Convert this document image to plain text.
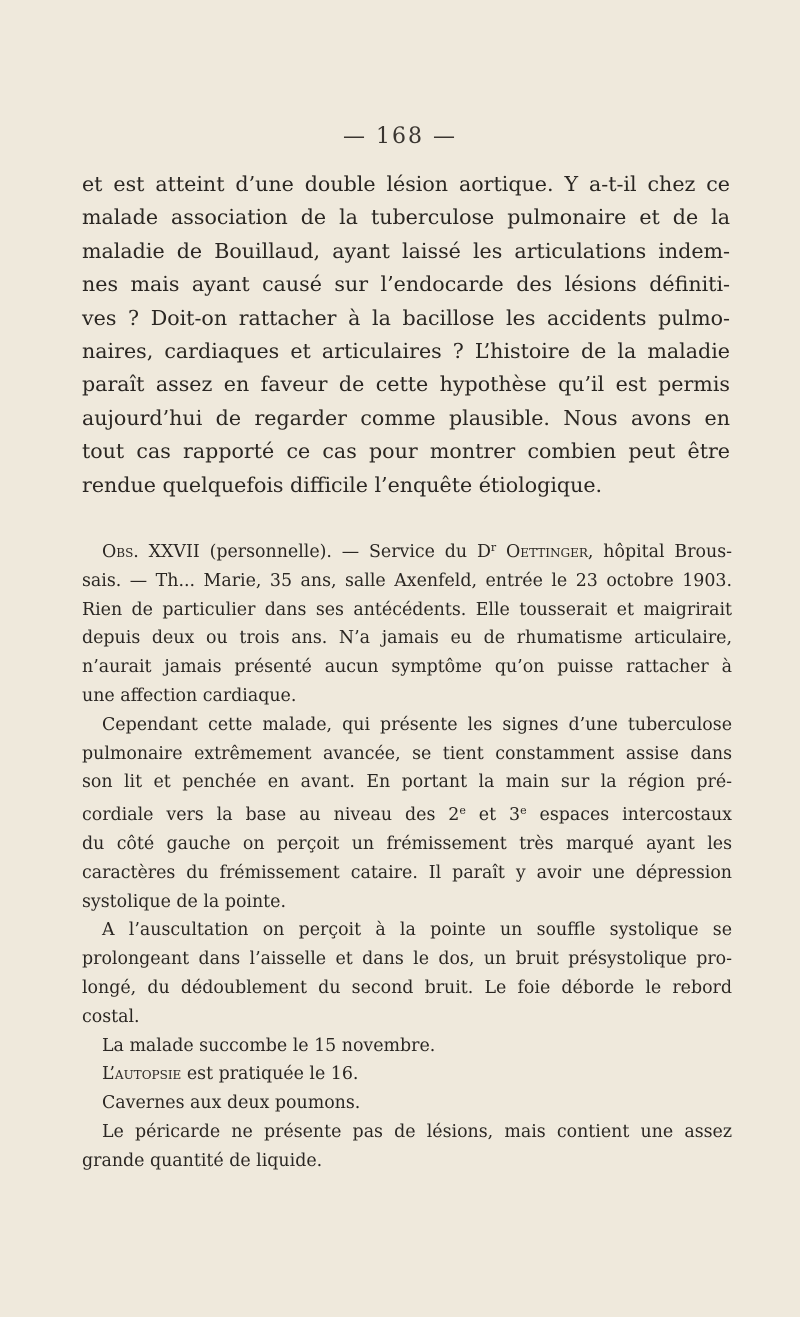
— 168 —
et est atteint d’une double lésion aortique. Y a-t-il chez ce
malade association de la tuberculose pulmonaire et de la
maladie de Bouillaud, ayant laissé les articulations indem-
nes mais ayant causé sur l’endocarde des lésions définiti-
ves ? Doit-on rattacher à la bacillose les accidents pulmo-
naires, cardiaques et articulaires ? L’histoire de la maladie
paraît assez en faveur de cette hypothèse qu’il est permis
aujourd’hui de regarder comme plausible. Nous avons en
tout cas rapporté ce cas pour montrer combien peut être
rendue quelquefois difficile l’enquête étiologique.
Obs. XXVII (personnelle). — Service du $D^r$ Oettinger, hôpital Brous-
sais. — Th... Marie, 35 ans, salle Axenfeld, entrée le 23 octobre 1903.
Rien de particulier dans ses antécédents. Elle tousserait et maigrirait
depuis deux ou trois ans. N’a jamais eu de rhumatisme articulaire,
n’aurait jamais présenté aucun symptôme qu’on puisse rattacher à
une affection cardiaque.
Cependant cette malade, qui présente les signes d’une tuberculose
pulmonaire extrêmement avancée, se tient constamment assise dans
son lit et penchée en avant. En portant la main sur la région pré-
cordiale vers la base au niveau des 2e et 3e espaces intercostaux
du côté gauche on perçoit un frémissement très marqué ayant les
caractères du frémissement cataire. Il paraît y avoir une dépression
systolique de la pointe.
A l’auscultation on perçoit à la pointe un souffle systolique se
prolongeant dans l’aisselle et dans le dos, un bruit présystolique pro-
longé, du dédoublement du second bruit. Le foie déborde le rebord
costal.
La malade succombe le 15 novembre.
L’autopsie est pratiquée le 16.
Cavernes aux deux poumons.
Le péricarde ne présente pas de lésions, mais contient une assez
grande quantité de liquide.
